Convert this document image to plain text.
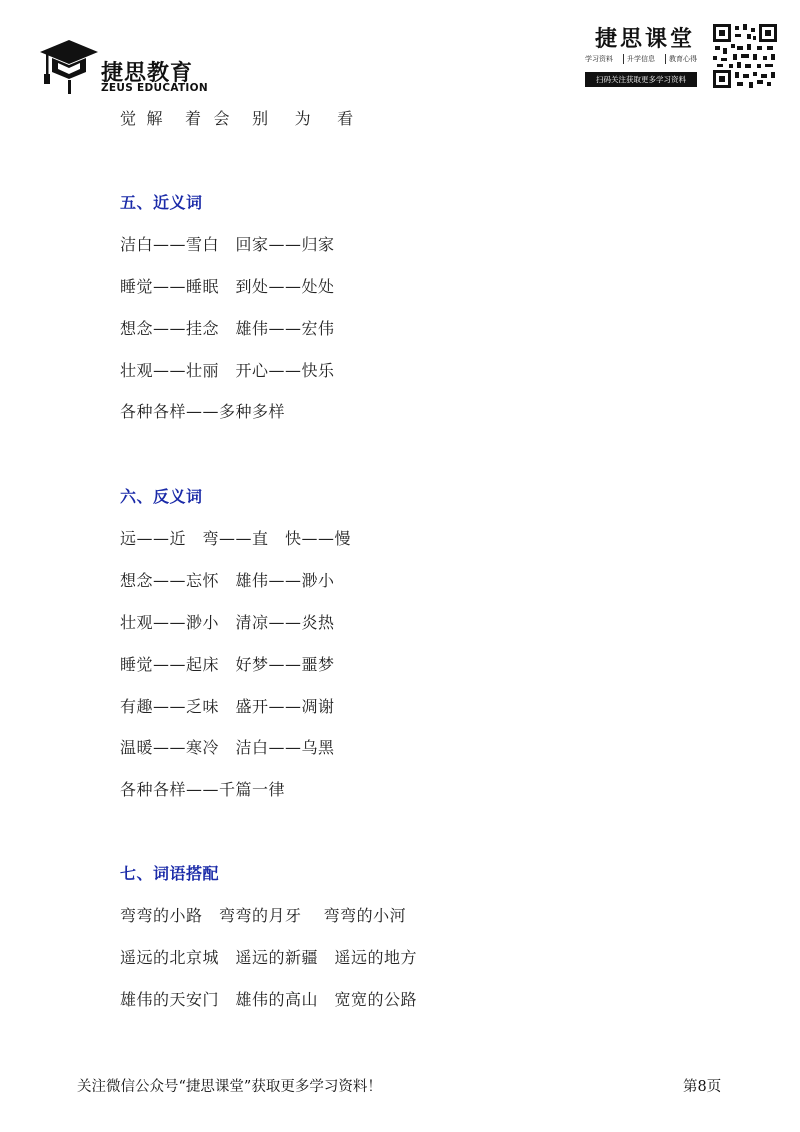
捷思教育
ZEUS EDUCATION
捷思课堂
学习资料	升学信息	教育心得
扫码关注获取更多学习资料
觉 解 着 会 别 为 看
五、近义词
洁白——雪白　回家——归家
睡觉——睡眠　到处——处处
想念——挂念　雄伟——宏伟
壮观——壮丽　开心——快乐
各种各样——多种多样
六、反义词
远——近　弯——直　快——慢
想念——忘怀　雄伟——渺小
壮观——渺小　清凉——炎热
睡觉——起床　好梦——噩梦
有趣——乏味　盛开——凋谢
温暖——寒冷　洁白——乌黑
各种各样——千篇一律
七、词语搭配
弯弯的小路　弯弯的月牙　 弯弯的小河
遥远的北京城　遥远的新疆　遥远的地方
雄伟的天安门　雄伟的高山　宽宽的公路
关注微信公众号“捷思课堂”获取更多学习资料！	第8页
